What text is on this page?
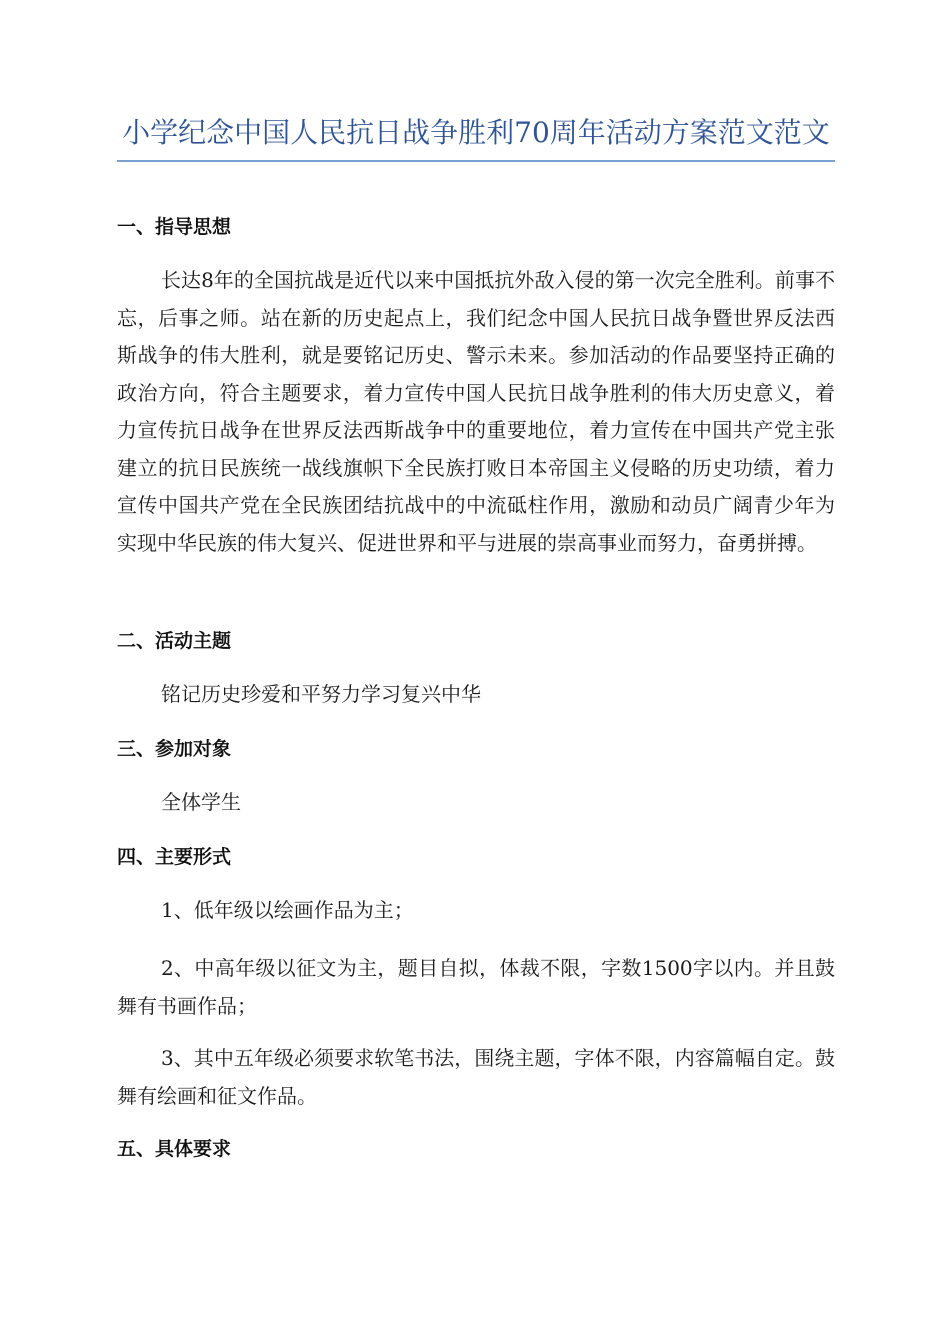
小学纪念中国人民抗日战争胜利70周年活动方案范文范文
一、指导思想

长达8年的全国抗战是近代以来中国抵抗外敌入侵的第一次完全胜利。前事不忘，后事之师。站在新的历史起点上，我们纪念中国人民抗日战争暨世界反法西斯战争的伟大胜利，就是要铭记历史、警示未来。参加活动的作品要坚持正确的政治方向，符合主题要求，着力宣传中国人民抗日战争胜利的伟大历史意义，着力宣传抗日战争在世界反法西斯战争中的重要地位，着力宣传在中国共产党主张建立的抗日民族统一战线旗帜下全民族打败日本帝国主义侵略的历史功绩，着力宣传中国共产党在全民族团结抗战中的中流砥柱作用，激励和动员广阔青少年为实现中华民族的伟大复兴、促进世界和平与进展的崇高事业而努力，奋勇拼搏。

二、活动主题

铭记历史珍爱和平努力学习复兴中华

三、参加对象

全体学生

四、主要形式

1、低年级以绘画作品为主；

2、中高年级以征文为主，题目自拟，体裁不限，字数1500字以内。并且鼓舞有书画作品；

3、其中五年级必须要求软笔书法，围绕主题，字体不限，内容篇幅自定。鼓舞有绘画和征文作品。

五、具体要求
